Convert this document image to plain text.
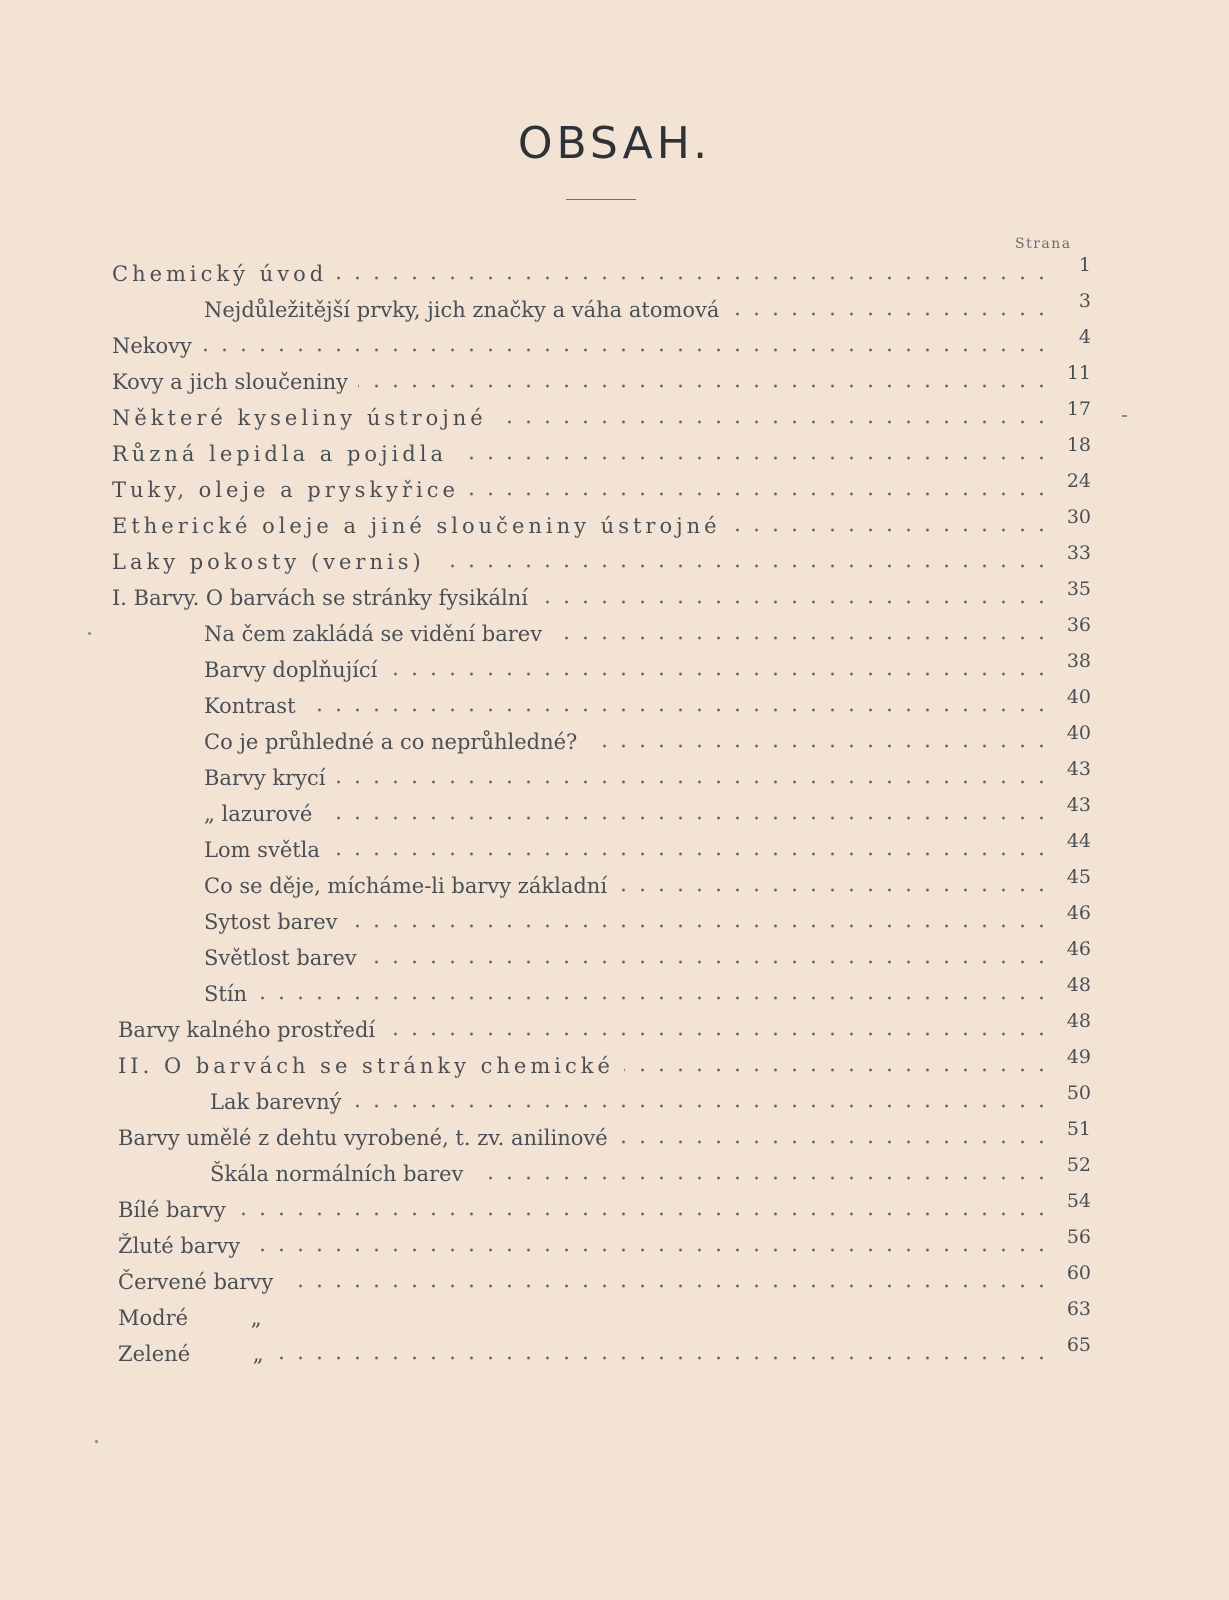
OBSAH.
Strana
Chemický úvod	1
Nejdůležitější prvky, jich značky a váha atomová	3
Nekovy	4
Kovy a jich sloučeniny	11
Některé kyseliny ústrojné	17
Různá lepidla a pojidla	18
Tuky, oleje a pryskyřice	24
Etherické oleje a jiné sloučeniny ústrojné	30
Laky pokosty (vernis)	33
I. Barvy. O barvách se stránky fysikální	35
Na čem zakládá se vidění barev	36
Barvy doplňující	38
Kontrast	40
Co je průhledné a co neprůhledné?	40
Barvy krycí	43
„ lazurové	43
Lom světla	44
Co se děje, mícháme-li barvy základní	45
Sytost barev	46
Světlost barev	46
Stín	48
Barvy kalného prostředí	48
II. O barvách se stránky chemické	49
Lak barevný	50
Barvy umělé z dehtu vyrobené, t. zv. anilinové	51
Škála normálních barev	52
Bílé barvy	54
Žluté barvy	56
Červené barvy	60
Modré „	63
Zelené „	65
